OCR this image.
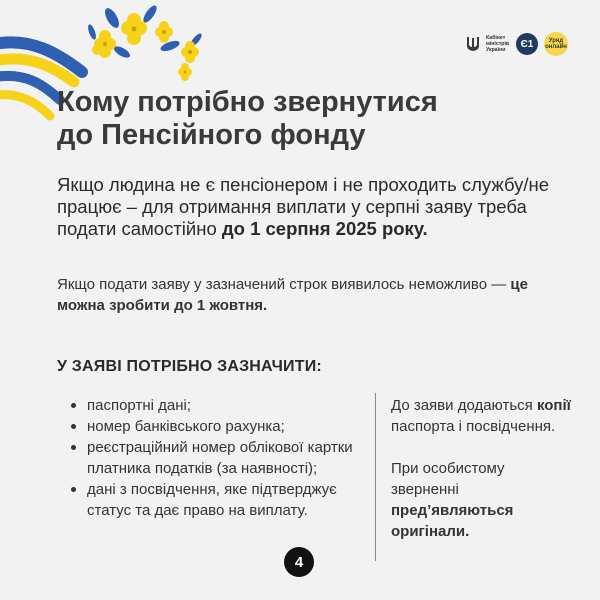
Кабінет міністрів України
Є1	Уряд онлайн
Кому потрібно звернутися
до Пенсійного фонду

Якщо людина не є пенсіонером і не проходить службу/не працює – для отримання виплати у серпні заяву треба подати самостійно до 1 серпня 2025 року.

Якщо подати заяву у зазначений строк виявилось неможливо — це можна зробити до 1 жовтня.

У ЗАЯВІ ПОТРІБНО ЗАЗНАЧИТИ:
паспортні дані;
номер банківського рахунка;
реєстраційний номер облікової картки платника податків (за наявності);
дані з посвідчення, яке підтверджує статус та дає право на виплату.

До заяви додаються копії паспорта і посвідчення.

При особистому зверненні пред’являються оригінали.

4
